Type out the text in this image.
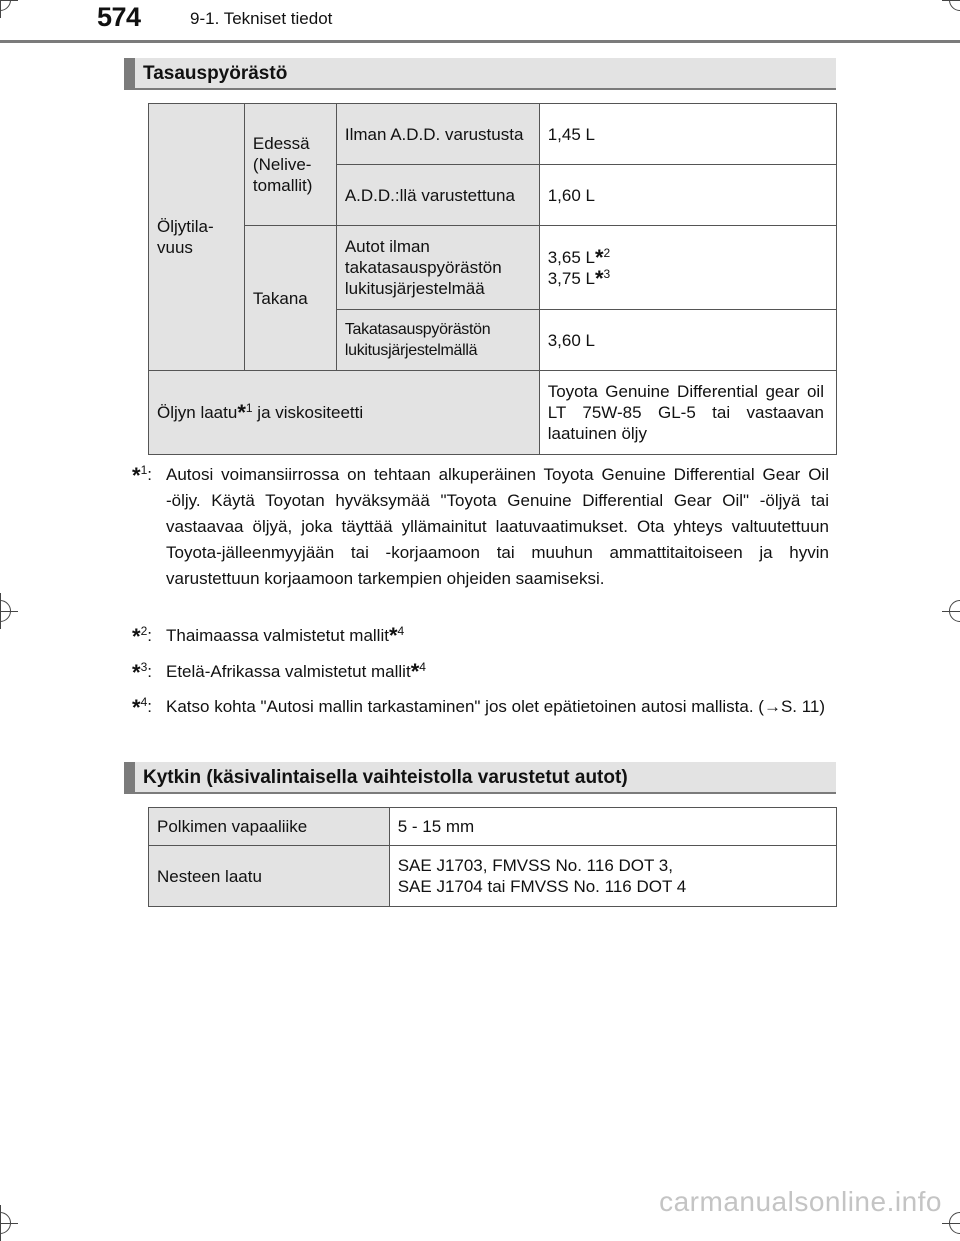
574	9-1. Tekniset tiedot
Tasauspyörästö
Öljytila-vuus	Edessä (Nelive-tomallit)	Ilman A.D.D. varustusta	1,45 L
		A.D.D.:llä varustettuna	1,60 L
	Takana	Autot ilman takatasauspyörästön lukitusjärjestelmää	3,65 L*$^2$
3,75 L*$^3$
		Takatasauspyörästön lukitusjärjestelmällä	3,60 L
Öljyn laatu*$^1$ ja viskositeetti			Toyota Genuine Differential gear oil LT 75W-85 GL-5 tai vastaavan laatuinen öljy
*$^1$: Autosi voimansiirrossa on tehtaan alkuperäinen Toyota Genuine Differential Gear Oil -öljy. Käytä Toyotan hyväksymää "Toyota Genuine Differential Gear Oil" -öljyä tai vastaavaa öljyä, joka täyttää yllämainitut laatuvaatimukset. Ota yhteys valtuutettuun Toyota-jälleenmyyjään tai -korjaamoon tai muuhun ammattitaitoiseen ja hyvin varustettuun korjaamoon tarkempien ohjeiden saamiseksi.
*$^2$: Thaimaassa valmistetut mallit*$^4$
*$^3$: Etelä-Afrikassa valmistetut mallit*$^4$
*$^4$: Katso kohta "Autosi mallin tarkastaminen" jos olet epätietoinen autosi mallista. (→S. 11)
Kytkin (käsivalintaisella vaihteistolla varustetut autot)
Polkimen vapaaliike	5 - 15 mm
Nesteen laatu	SAE J1703, FMVSS No. 116 DOT 3,
SAE J1704 tai FMVSS No. 116 DOT 4
carmanualsonline.info
